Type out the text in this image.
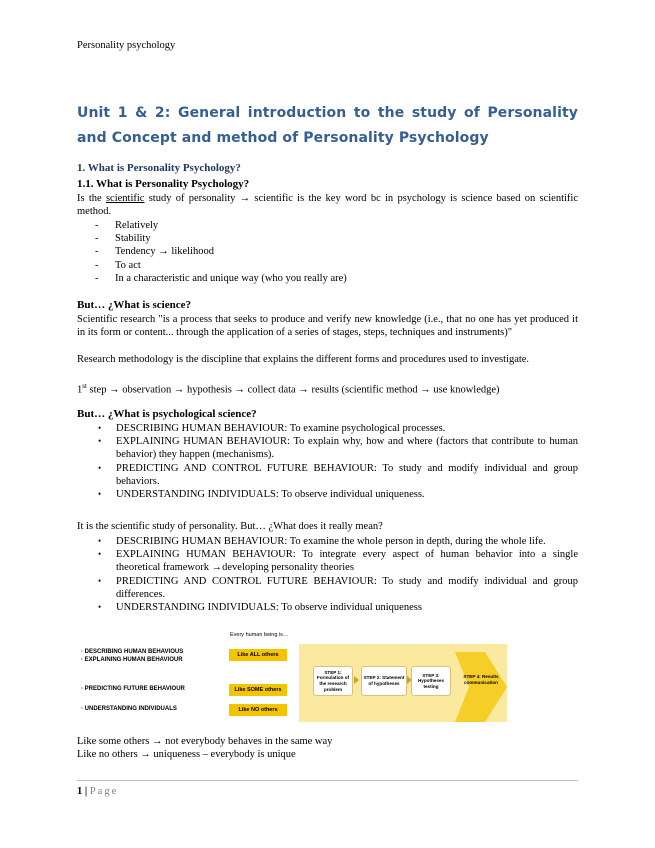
Personality psychology
Unit 1 & 2: General introduction to the study of Personality and Concept and method of Personality Psychology
1. What is Personality Psychology?
1.1. What is Personality Psychology?
Is the scientific study of personality → scientific is the key word bc in psychology is science based on scientific method.
- Relatively
- Stability
- Tendency → likelihood
- To act
- In a characteristic and unique way (who you really are)
But… ¿What is science?
Scientific research "is a process that seeks to produce and verify new knowledge (i.e., that no one has yet produced it in its form or content... through the application of a series of stages, steps, techniques and instruments)"
Research methodology is the discipline that explains the different forms and procedures used to investigate.
1st step → observation → hypothesis → collect data → results (scientific method → use knowledge)
But… ¿What is psychological science?
• DESCRIBING HUMAN BEHAVIOUR: To examine psychological processes.
• EXPLAINING HUMAN BEHAVIOUR: To explain why, how and where (factors that contribute to human behavior) they happen (mechanisms).
• PREDICTING AND CONTROL FUTURE BEHAVIOUR: To study and modify individual and group behaviors.
• UNDERSTANDING INDIVIDUALS: To observe individual uniqueness.
It is the scientific study of personality. But… ¿What does it really mean?
• DESCRIBING HUMAN BEHAVIOUR: To examine the whole person in depth, during the whole life.
• EXPLAINING HUMAN BEHAVIOUR: To integrate every aspect of human behavior into a single theoretical framework →developing personality theories
• PREDICTING AND CONTROL FUTURE BEHAVIOUR: To study and modify individual and group differences.
• UNDERSTANDING INDIVIDUALS: To observe individual uniqueness
Every human being is…
· DESCRIBING HUMAN BEHAVIOUS
· EXPLAINING HUMAN BEHAVIOUR
· PREDICTING FUTURE BEHAVIOUR
· UNDERSTANDING INDIVIDUALS
Like ALL others
Like SOME others
Like NO others
STEP 1: Formulation of the research problem
STEP 2: Statement of hypotheses
STEP 3: Hypotheses testing
STEP 4: Results communication
Like some others → not everybody behaves in the same way
Like no others → uniqueness – everybody is unique
1 | Page
